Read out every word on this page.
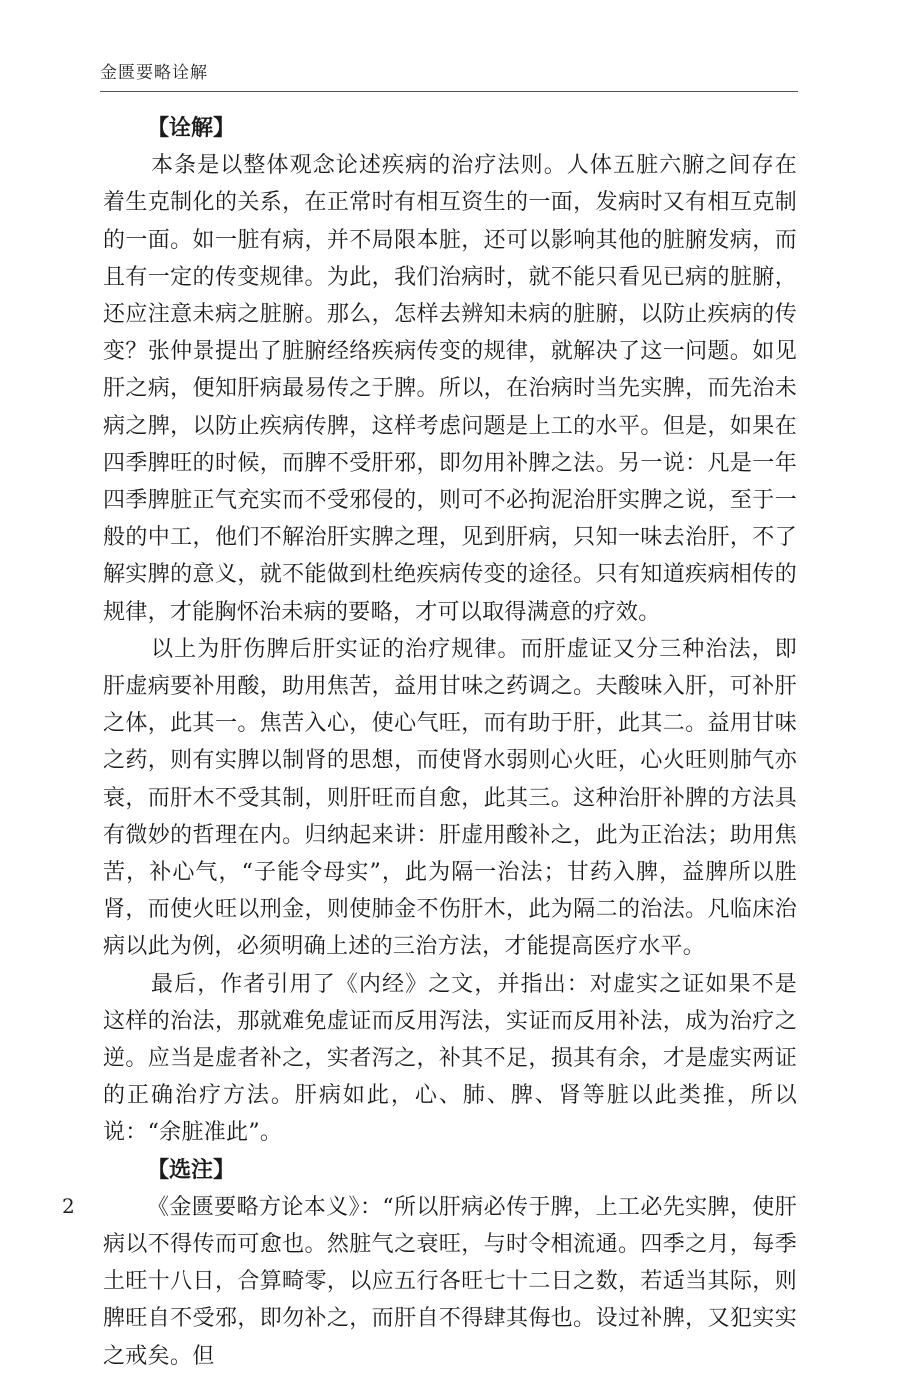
金匮要略诠解
【诠解】

本条是以整体观念论述疾病的治疗法则。人体五脏六腑之间存在着生克制化的关系，在正常时有相互资生的一面，发病时又有相互克制的一面。如一脏有病，并不局限本脏，还可以影响其他的脏腑发病，而且有一定的传变规律。为此，我们治病时，就不能只看见已病的脏腑，还应注意未病之脏腑。那么，怎样去辨知未病的脏腑，以防止疾病的传变？张仲景提出了脏腑经络疾病传变的规律，就解决了这一问题。如见肝之病，便知肝病最易传之于脾。所以，在治病时当先实脾，而先治未病之脾，以防止疾病传脾，这样考虑问题是上工的水平。但是，如果在四季脾旺的时候，而脾不受肝邪，即勿用补脾之法。另一说：凡是一年四季脾脏正气充实而不受邪侵的，则可不必拘泥治肝实脾之说，至于一般的中工，他们不解治肝实脾之理，见到肝病，只知一味去治肝，不了解实脾的意义，就不能做到杜绝疾病传变的途径。只有知道疾病相传的规律，才能胸怀治未病的要略，才可以取得满意的疗效。

以上为肝伤脾后肝实证的治疗规律。而肝虚证又分三种治法，即肝虚病要补用酸，助用焦苦，益用甘味之药调之。夫酸味入肝，可补肝之体，此其一。焦苦入心，使心气旺，而有助于肝，此其二。益用甘味之药，则有实脾以制肾的思想，而使肾水弱则心火旺，心火旺则肺气亦衰，而肝木不受其制，则肝旺而自愈，此其三。这种治肝补脾的方法具有微妙的哲理在内。归纳起来讲：肝虚用酸补之，此为正治法；助用焦苦，补心气，“子能令母实”，此为隔一治法；甘药入脾，益脾所以胜肾，而使火旺以刑金，则使肺金不伤肝木，此为隔二的治法。凡临床治病以此为例，必须明确上述的三治方法，才能提高医疗水平。

最后，作者引用了《内经》之文，并指出：对虚实之证如果不是这样的治法，那就难免虚证而反用泻法，实证而反用补法，成为治疗之逆。应当是虚者补之，实者泻之，补其不足，损其有余，才是虚实两证的正确治疗方法。肝病如此，心、肺、脾、肾等脏以此类推，所以说：“余脏准此”。

【选注】

《金匮要略方论本义》：“所以肝病必传于脾，上工必先实脾，使肝病以不得传而可愈也。然脏气之衰旺，与时令相流通。四季之月，每季土旺十八日，合算畸零，以应五行各旺七十二日之数，若适当其际，则脾旺自不受邪，即勿补之，而肝自不得肆其侮也。设过补脾，又犯实实之戒矣。但

2
